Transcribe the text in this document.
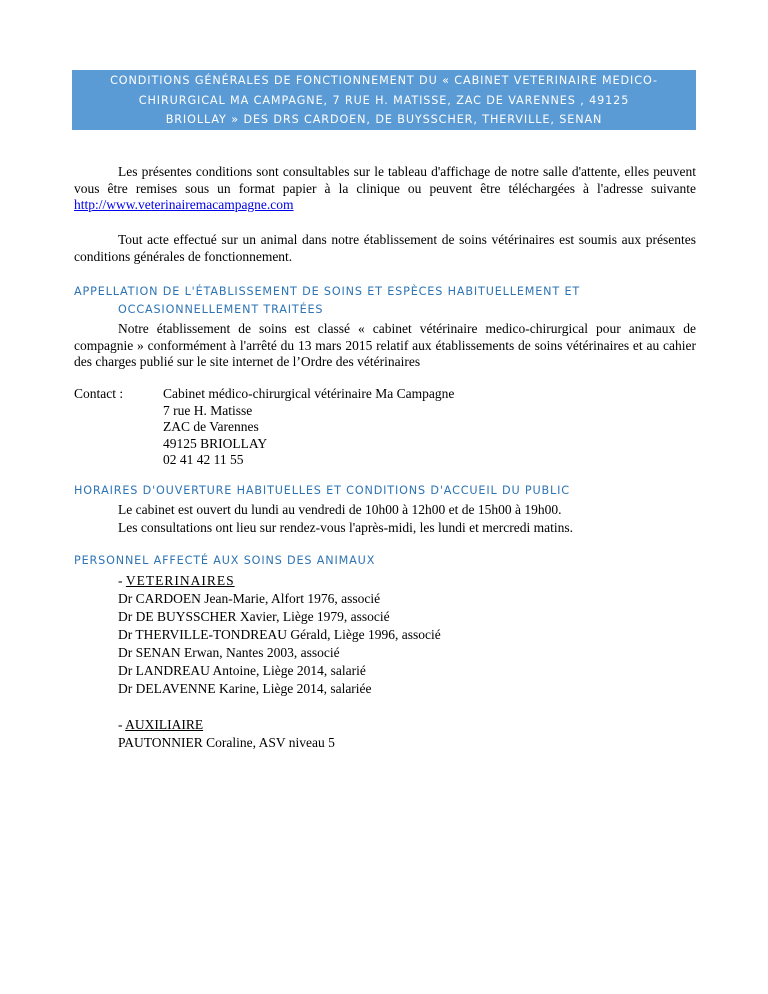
CONDITIONS GÉNÉRALES DE FONCTIONNEMENT DU « CABINET VETERINAIRE MEDICO-
CHIRURGICAL MA CAMPAGNE, 7 RUE H. MATISSE, ZAC DE VARENNES , 49125
BRIOLLAY » DES DRS CARDOEN, DE BUYSSCHER, THERVILLE, SENAN

Les présentes conditions sont consultables sur le tableau d'affichage de notre salle d'attente, elles peuvent vous être remises sous un format papier à la clinique ou peuvent être téléchargées à l'adresse suivante http://www.veterinairemacampagne.com

Tout acte effectué sur un animal dans notre établissement de soins vétérinaires est soumis aux présentes conditions générales de fonctionnement.

APPELLATION DE L'ÉTABLISSEMENT DE SOINS ET ESPÈCES HABITUELLEMENT ET
OCCASIONNELLEMENT TRAITÉES

Notre établissement de soins est classé « cabinet vétérinaire medico-chirurgical pour animaux de compagnie » conformément à l'arrêté du 13 mars 2015 relatif aux établissements de soins vétérinaires et au cahier des charges publié sur le site internet de l’Ordre des vétérinaires

Contact :	Cabinet médico-chirurgical vétérinaire Ma Campagne
7 rue H. Matisse
ZAC de Varennes
49125 BRIOLLAY
02 41 42 11 55
HORAIRES D'OUVERTURE HABITUELLES ET CONDITIONS D'ACCUEIL DU PUBLIC
Le cabinet est ouvert du lundi au vendredi de 10h00 à 12h00 et de 15h00 à 19h00.
Les consultations ont lieu sur rendez-vous l'après-midi, les lundi et mercredi matins.
PERSONNEL AFFECTÉ AUX SOINS DES ANIMAUX
- VETERINAIRES
Dr CARDOEN Jean-Marie, Alfort 1976, associé
Dr DE BUYSSCHER Xavier, Liège 1979, associé
Dr THERVILLE-TONDREAU Gérald, Liège 1996, associé
Dr SENAN Erwan, Nantes 2003, associé
Dr LANDREAU Antoine, Liège 2014, salarié
Dr DELAVENNE Karine, Liège 2014, salariée
- AUXILIAIRE
PAUTONNIER Coraline, ASV niveau 5
